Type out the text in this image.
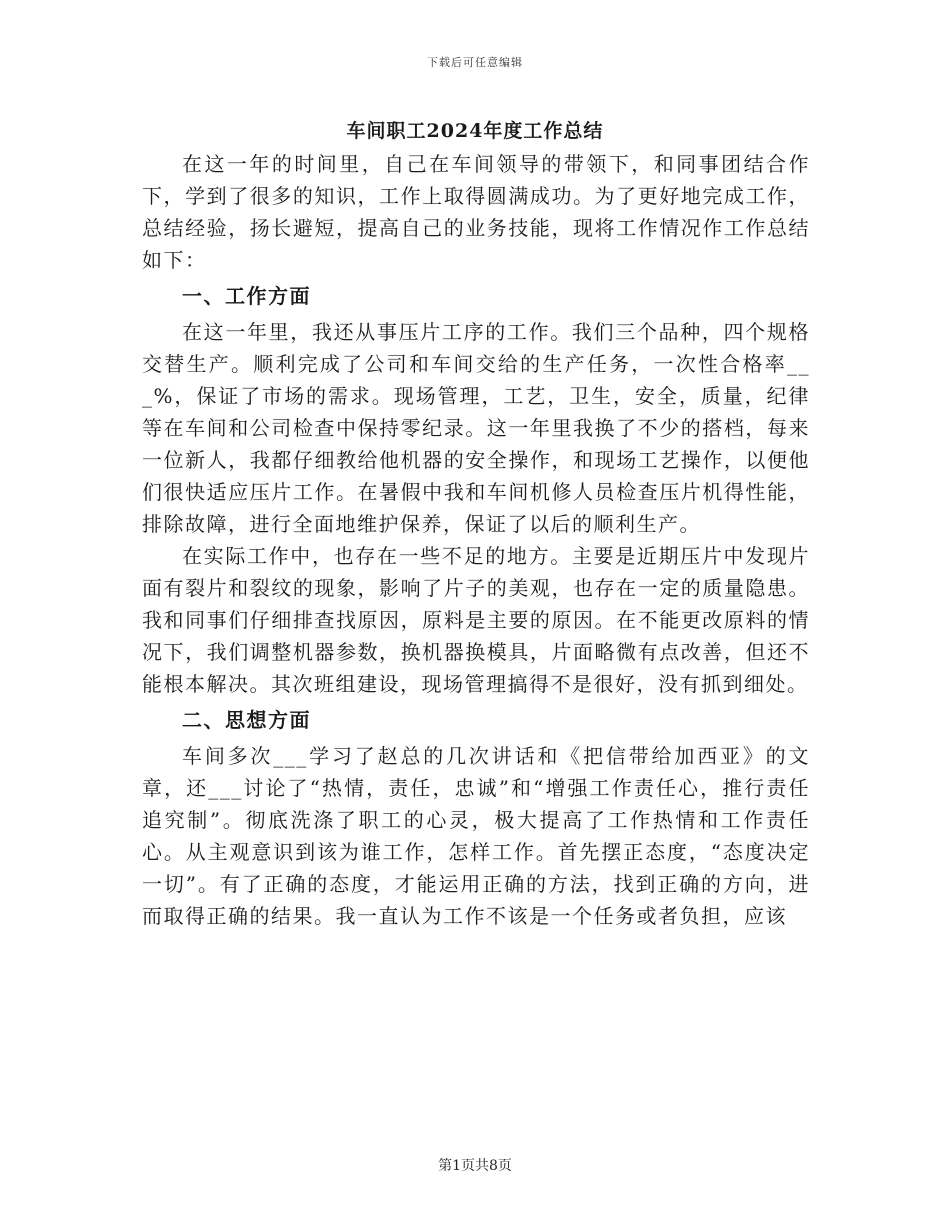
下载后可任意编辑
车间职工2024年度工作总结

在这一年的时间里，自己在车间领导的带领下，和同事团结合作下，学到了很多的知识，工作上取得圆满成功。为了更好地完成工作，总结经验，扬长避短，提高自己的业务技能，现将工作情况作工作总结如下：

一、工作方面

在这一年里，我还从事压片工序的工作。我们三个品种，四个规格交替生产。顺利完成了公司和车间交给的生产任务，一次性合格率___%，保证了市场的需求。现场管理，工艺，卫生，安全，质量，纪律等在车间和公司检查中保持零纪录。这一年里我换了不少的搭档，每来一位新人，我都仔细教给他机器的安全操作，和现场工艺操作，以便他们很快适应压片工作。在暑假中我和车间机修人员检查压片机得性能，排除故障，进行全面地维护保养，保证了以后的顺利生产。

在实际工作中，也存在一些不足的地方。主要是近期压片中发现片面有裂片和裂纹的现象，影响了片子的美观，也存在一定的质量隐患。我和同事们仔细排查找原因，原料是主要的原因。在不能更改原料的情况下，我们调整机器参数，换机器换模具，片面略微有点改善，但还不能根本解决。其次班组建设，现场管理搞得不是很好，没有抓到细处。

二、思想方面

车间多次___学习了赵总的几次讲话和《把信带给加西亚》的文章，还___讨论了“热情，责任，忠诚”和“增强工作责任心，推行责任追究制”。彻底洗涤了职工的心灵，极大提高了工作热情和工作责任心。从主观意识到该为谁工作，怎样工作。首先摆正态度，“态度决定一切”。有了正确的态度，才能运用正确的方法，找到正确的方向，进而取得正确的结果。我一直认为工作不该是一个任务或者负担，应该

第1页共8页
